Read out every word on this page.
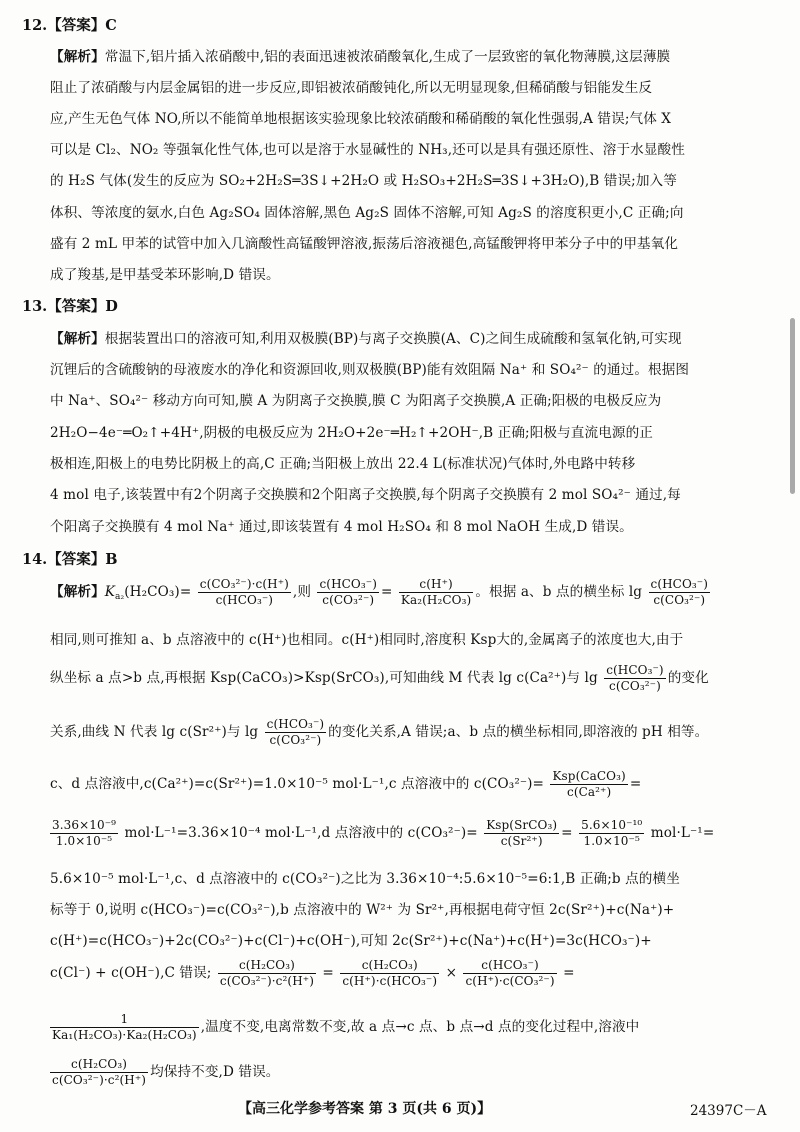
12.【答案】C
【解析】常温下,铝片插入浓硝酸中,铝的表面迅速被浓硝酸氧化,生成了一层致密的氧化物薄膜,这层薄膜
阻止了浓硝酸与内层金属铝的进一步反应,即铝被浓硝酸钝化,所以无明显现象,但稀硝酸与铝能发生反
应,产生无色气体 NO,所以不能简单地根据该实验现象比较浓硝酸和稀硝酸的氧化性强弱,A 错误;气体 X
可以是 Cl₂、NO₂ 等强氧化性气体,也可以是溶于水显碱性的 NH₃,还可以是具有强还原性、溶于水显酸性
的 H₂S 气体(发生的反应为 SO₂+2H₂S═3S↓+2H₂O 或 H₂SO₃+2H₂S═3S↓+3H₂O),B 错误;加入等
体积、等浓度的氨水,白色 Ag₂SO₄ 固体溶解,黑色 Ag₂S 固体不溶解,可知 Ag₂S 的溶度积更小,C 正确;向
盛有 2 mL 甲苯的试管中加入几滴酸性高锰酸钾溶液,振荡后溶液褪色,高锰酸钾将甲苯分子中的甲基氧化
成了羧基,是甲基受苯环影响,D 错误。
13.【答案】D
【解析】根据装置出口的溶液可知,利用双极膜(BP)与离子交换膜(A、C)之间生成硫酸和氢氧化钠,可实现
沉锂后的含硫酸钠的母液废水的净化和资源回收,则双极膜(BP)能有效阻隔 Na⁺ 和 SO₄²⁻ 的通过。根据图
中 Na⁺、SO₄²⁻ 移动方向可知,膜 A 为阴离子交换膜,膜 C 为阳离子交换膜,A 正确;阳极的电极反应为
2H₂O−4e⁻═O₂↑+4H⁺,阴极的电极反应为 2H₂O+2e⁻═H₂↑+2OH⁻,B 正确;阳极与直流电源的正
极相连,阳极上的电势比阴极上的高,C 正确;当阳极上放出 22.4 L(标准状况)气体时,外电路中转移
4 mol 电子,该装置中有2个阴离子交换膜和2个阳离子交换膜,每个阴离子交换膜有 2 mol SO₄²⁻ 通过,每
个阳离子交换膜有 4 mol Na⁺ 通过,即该装置有 4 mol H₂SO₄ 和 8 mol NaOH 生成,D 错误。
14.【答案】B
【解析】$K_{a_2}(H_2CO_3)= \frac{\text{c(CO₃²⁻)·c(H⁺)}}{\text{c(HCO₃⁻)}}$ ,则 $\frac{\text{c(HCO₃⁻)}}{\text{c(CO₃²⁻)}} = \frac{c(H^+)}{\text{Ka₂(H₂CO₃)}}$ 。根据 a、b 点的横坐标 $\lg \frac{\text{c(HCO₃⁻)}}{\text{c(CO₃²⁻)}}$
相同,则可推知 a、b 点溶液中的 c(H⁺)也相同。c(H⁺)相同时,溶度积 Ksp大的,金属离子的浓度也大,由于
纵坐标 a 点>b 点,再根据 Ksp(CaCO₃)>Ksp(SrCO₃),可知曲线 M 代表 lg c(Ca²⁺)与 $\lg \frac{\text{c(HCO₃⁻)}}{\text{c(CO₃²⁻)}}$ 的变化
关系,曲线 N 代表 lg c(Sr²⁺)与 $\lg \frac{\text{c(HCO₃⁻)}}{\text{c(CO₃²⁻)}}$ 的变化关系,A 错误;a、b 点的横坐标相同,即溶液的 pH 相等。
c、d 点溶液中,c(Ca²⁺)=c(Sr²⁺)=1.0×10⁻⁵ mol·L⁻¹,c 点溶液中的 $c(CO_3^{2-})= \frac{\text{Ksp(CaCO₃)}}{\text{c(Ca²⁺)}}$ =
$\frac{\text{3.36×10⁻⁹}}{\text{1.0×10⁻⁵}} mol\cdot L^{-1}=3.36\times 10^{-4}$ mol·L⁻¹,d 点溶液中的 $c(CO_3^{2-})= \frac{\text{Ksp(SrCO₃)}}{\text{c(Sr²⁺)}} = \frac{\text{5.6×10⁻¹⁰}}{\text{1.0×10⁻⁵}} mol\cdot L^{-1}=$
5.6×10⁻⁵ mol·L⁻¹,c、d 点溶液中的 c(CO₃²⁻)之比为 3.36×10⁻⁴:5.6×10⁻⁵=6:1,B 正确;b 点的横坐
标等于 0,说明 c(HCO₃⁻)=c(CO₃²⁻),b 点溶液中的 W²⁺ 为 Sr²⁺,再根据电荷守恒 2c(Sr²⁺)+c(Na⁺)+
c(H⁺)=c(HCO₃⁻)+2c(CO₃²⁻)+c(Cl⁻)+c(OH⁻),可知 2c(Sr²⁺)+c(Na⁺)+c(H⁺)=3c(HCO₃⁻)+
c(Cl⁻) + c(OH⁻),C 错误; $\frac{\text{c(H₂CO₃)}}{\text{c(CO₃²⁻)·c²(H⁺)}} = \frac{\text{c(H₂CO₃)}}{\text{c(H⁺)·c(HCO₃⁻)}} \times \frac{\text{c(HCO₃⁻)}}{\text{c(H⁺)·c(CO₃²⁻)}}$ =
$\frac{1}{\text{Ka₁(H₂CO₃)·Ka₂(H₂CO₃)}}$ ,温度不变,电离常数不变,故 a 点→c 点、b 点→d 点的变化过程中,溶液中
$\frac{\text{c(H₂CO₃)}}{\text{c(CO₃²⁻)·c²(H⁺)}}$ 均保持不变,D 错误。
【高三化学参考答案 第 3 页(共 6 页)】	24397C－A
